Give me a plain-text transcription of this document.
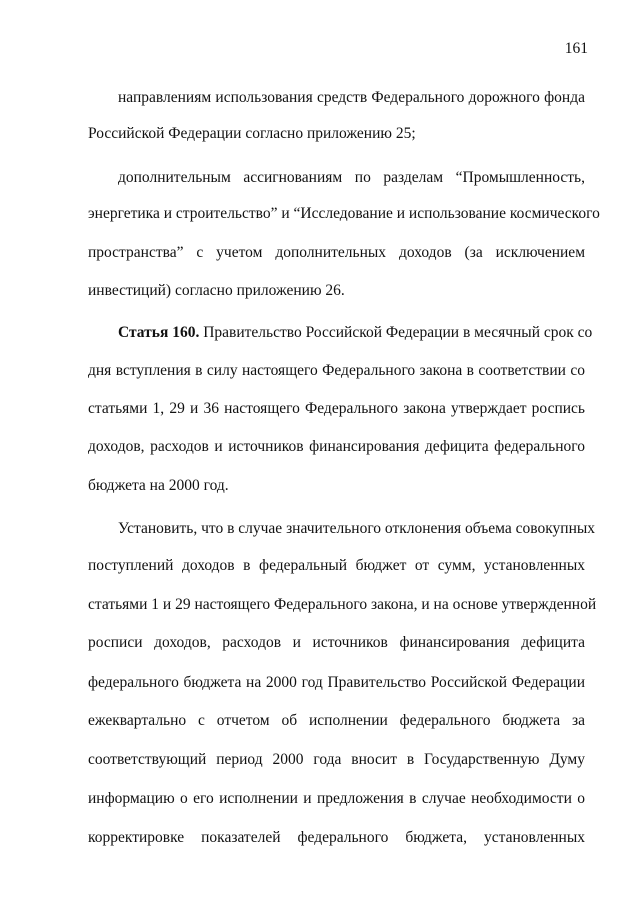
161
направлениям использования средств Федерального дорожного фонда
Российской Федерации согласно приложению 25;
дополнительным ассигнованиям по разделам “Промышленность,
энергетика и строительство” и “Исследование и использование космического
пространства” с учетом дополнительных доходов (за исключением
инвестиций) согласно приложению 26.
Статья 160. Правительство Российской Федерации в месячный срок со
дня вступления в силу настоящего Федерального закона в соответствии со
статьями 1, 29 и 36 настоящего Федерального закона утверждает роспись
доходов, расходов и источников финансирования дефицита федерального
бюджета на 2000 год.
Установить, что в случае значительного отклонения объема совокупных
поступлений доходов в федеральный бюджет от сумм, установленных
статьями 1 и 29 настоящего Федерального закона, и на основе утвержденной
росписи доходов, расходов и источников финансирования дефицита
федерального бюджета на 2000 год Правительство Российской Федерации
ежеквартально с отчетом об исполнении федерального бюджета за
соответствующий период 2000 года вносит в Государственную Думу
информацию о его исполнении и предложения в случае необходимости о
корректировке показателей федерального бюджета, установленных
